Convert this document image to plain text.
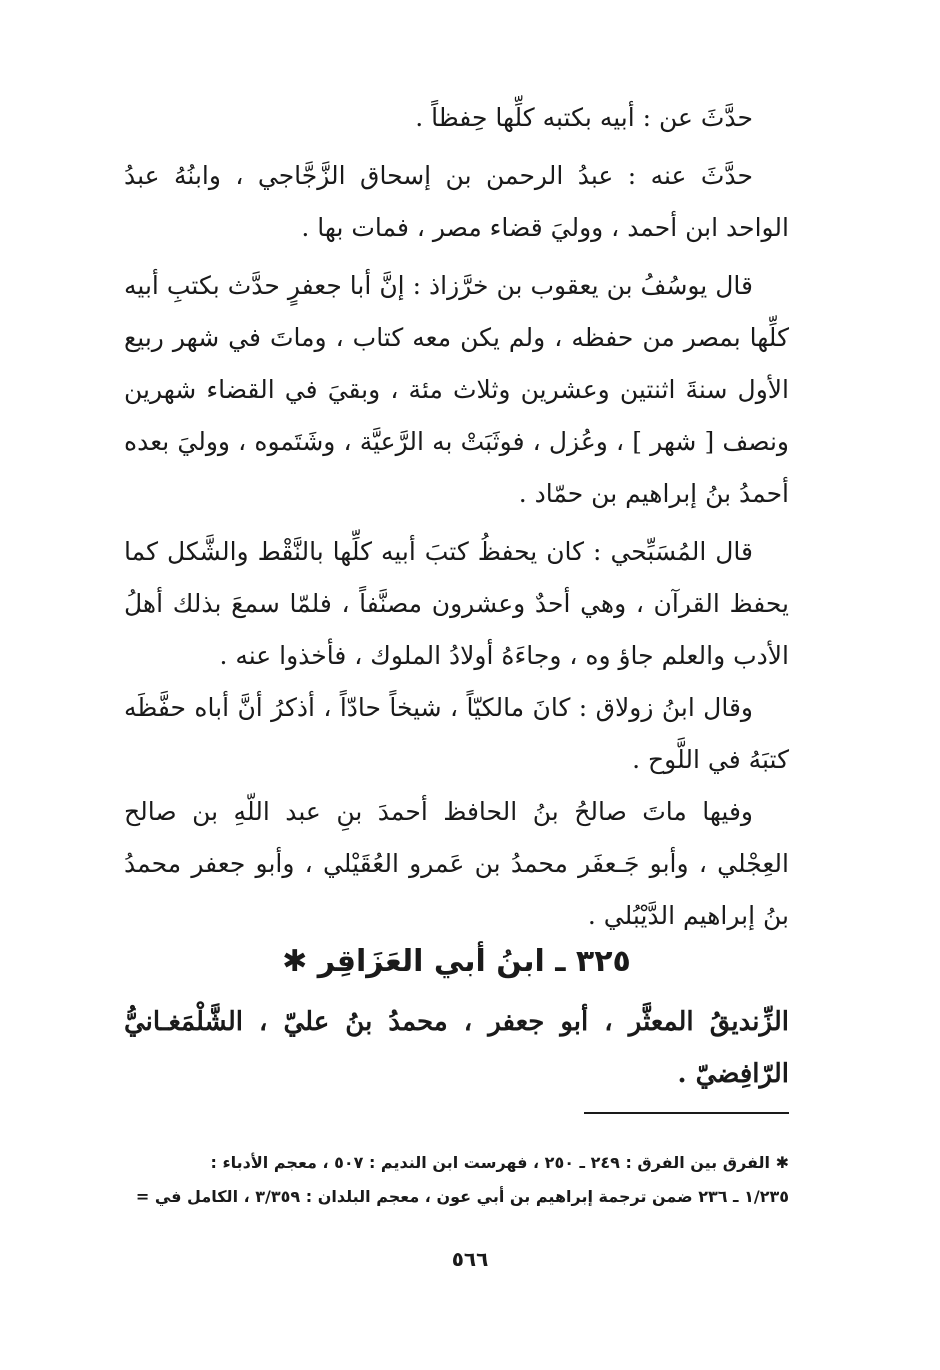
حدَّثَ عن : أبيه بكتبه كلِّها حِفظاً .

حدَّثَ عنه : عبدُ الرحمن بن إسحاق الزَّجَّاجي ، وابنُهُ عبدُ الواحد ابن أحمد ، ووليَ قضاء مصر ، فمات بها .

قال يوسُفُ بن يعقوب بن خرَّزاذ : إنَّ أبا جعفرٍ حدَّث بكتبِ أبيه كلِّها بمصر من حفظه ، ولم يكن معه كتاب ، وماتَ في شهر ربيع الأول سنةَ اثنتين وعشرين وثلاث مئة ، وبقيَ في القضاء شهرين ونصف [ شهر ] ، وعُزل ، فوثَبَتْ به الرَّعيَّة ، وشَتَموه ، ووليَ بعده أحمدُ بنُ إبراهيم بن حمّاد .

قال المُسَبِّحي : كان يحفظُ كتبَ أبيه كلِّها بالنَّقْط والشَّكل كما يحفظ القرآن ، وهي أحدٌ وعشرون مصنَّفاً ، فلمّا سمعَ بذلك أهلُ الأدب والعلم جاؤ وه ، وجاءَهُ أولادُ الملوك ، فأخذوا عنه .

وقال ابنُ زولاق : كانَ مالكيّاً ، شيخاً حادّاً ، أذكرُ أنَّ أباه حفَّظَه كتبَهُ في اللَّوح .

وفيها ماتَ صالحُ بنُ الحافظ أحمدَ بنِ عبد اللّهِ بن صالح العِجْلي ، وأبو جَـعفَر محمدُ بن عَمرو العُقَيْلي ، وأبو جعفر محمدُ بنُ إبراهيم الدَّيْبُلي .

٣٢٥ ـ ابنُ أبي العَزَاقِر ✱
الزِّنديقُ المعثَّر ، أبو جعفر ، محمدُ بنُ عليّ ، الشَّلْمَغـانيُّ الرّافِضيّ .
✱ الفرق بين الفرق : ٢٤٩ ـ ٢٥٠ ، فهرست ابن النديم : ٥٠٧ ، معجم الأدباء :
١/٢٣٥ ـ ٢٣٦ ضمن ترجمة إبراهيم بن أبي عون ، معجم البلدان : ٣/٣٥٩ ، الكامل في =
٥٦٦
